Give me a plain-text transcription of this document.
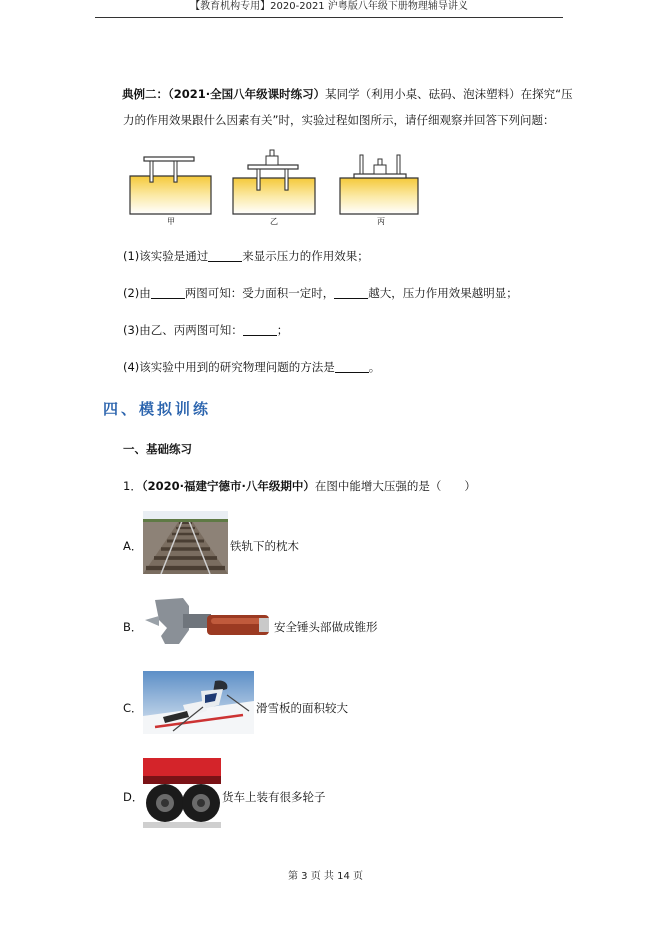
【教育机构专用】2020-2021 沪粤版八年级下册物理辅导讲义
典例二：（2021·全国八年级课时练习）某同学（利用小桌、砝码、泡沫塑料）在探究“压
力的作用效果跟什么因素有关”时，实验过程如图所示，请仔细观察并回答下列问题：
甲	乙	丙
(1)该实验是通过	来显示压力的作用效果；
(2)由	两图可知：受力面积一定时，	越大，压力作用效果越明显；
(3)由乙、丙两图可知：	；
(4)该实验中用到的研究物理问题的方法是	。
四、模拟训练
一、基础练习
1．（2020·福建宁德市·八年级期中）在图中能增大压强的是（　　）
A．	铁轨下的枕木
B．	安全锤头部做成锥形
C．	滑雪板的面积较大
D．	货车上装有很多轮子
第 3 页 共 14 页
